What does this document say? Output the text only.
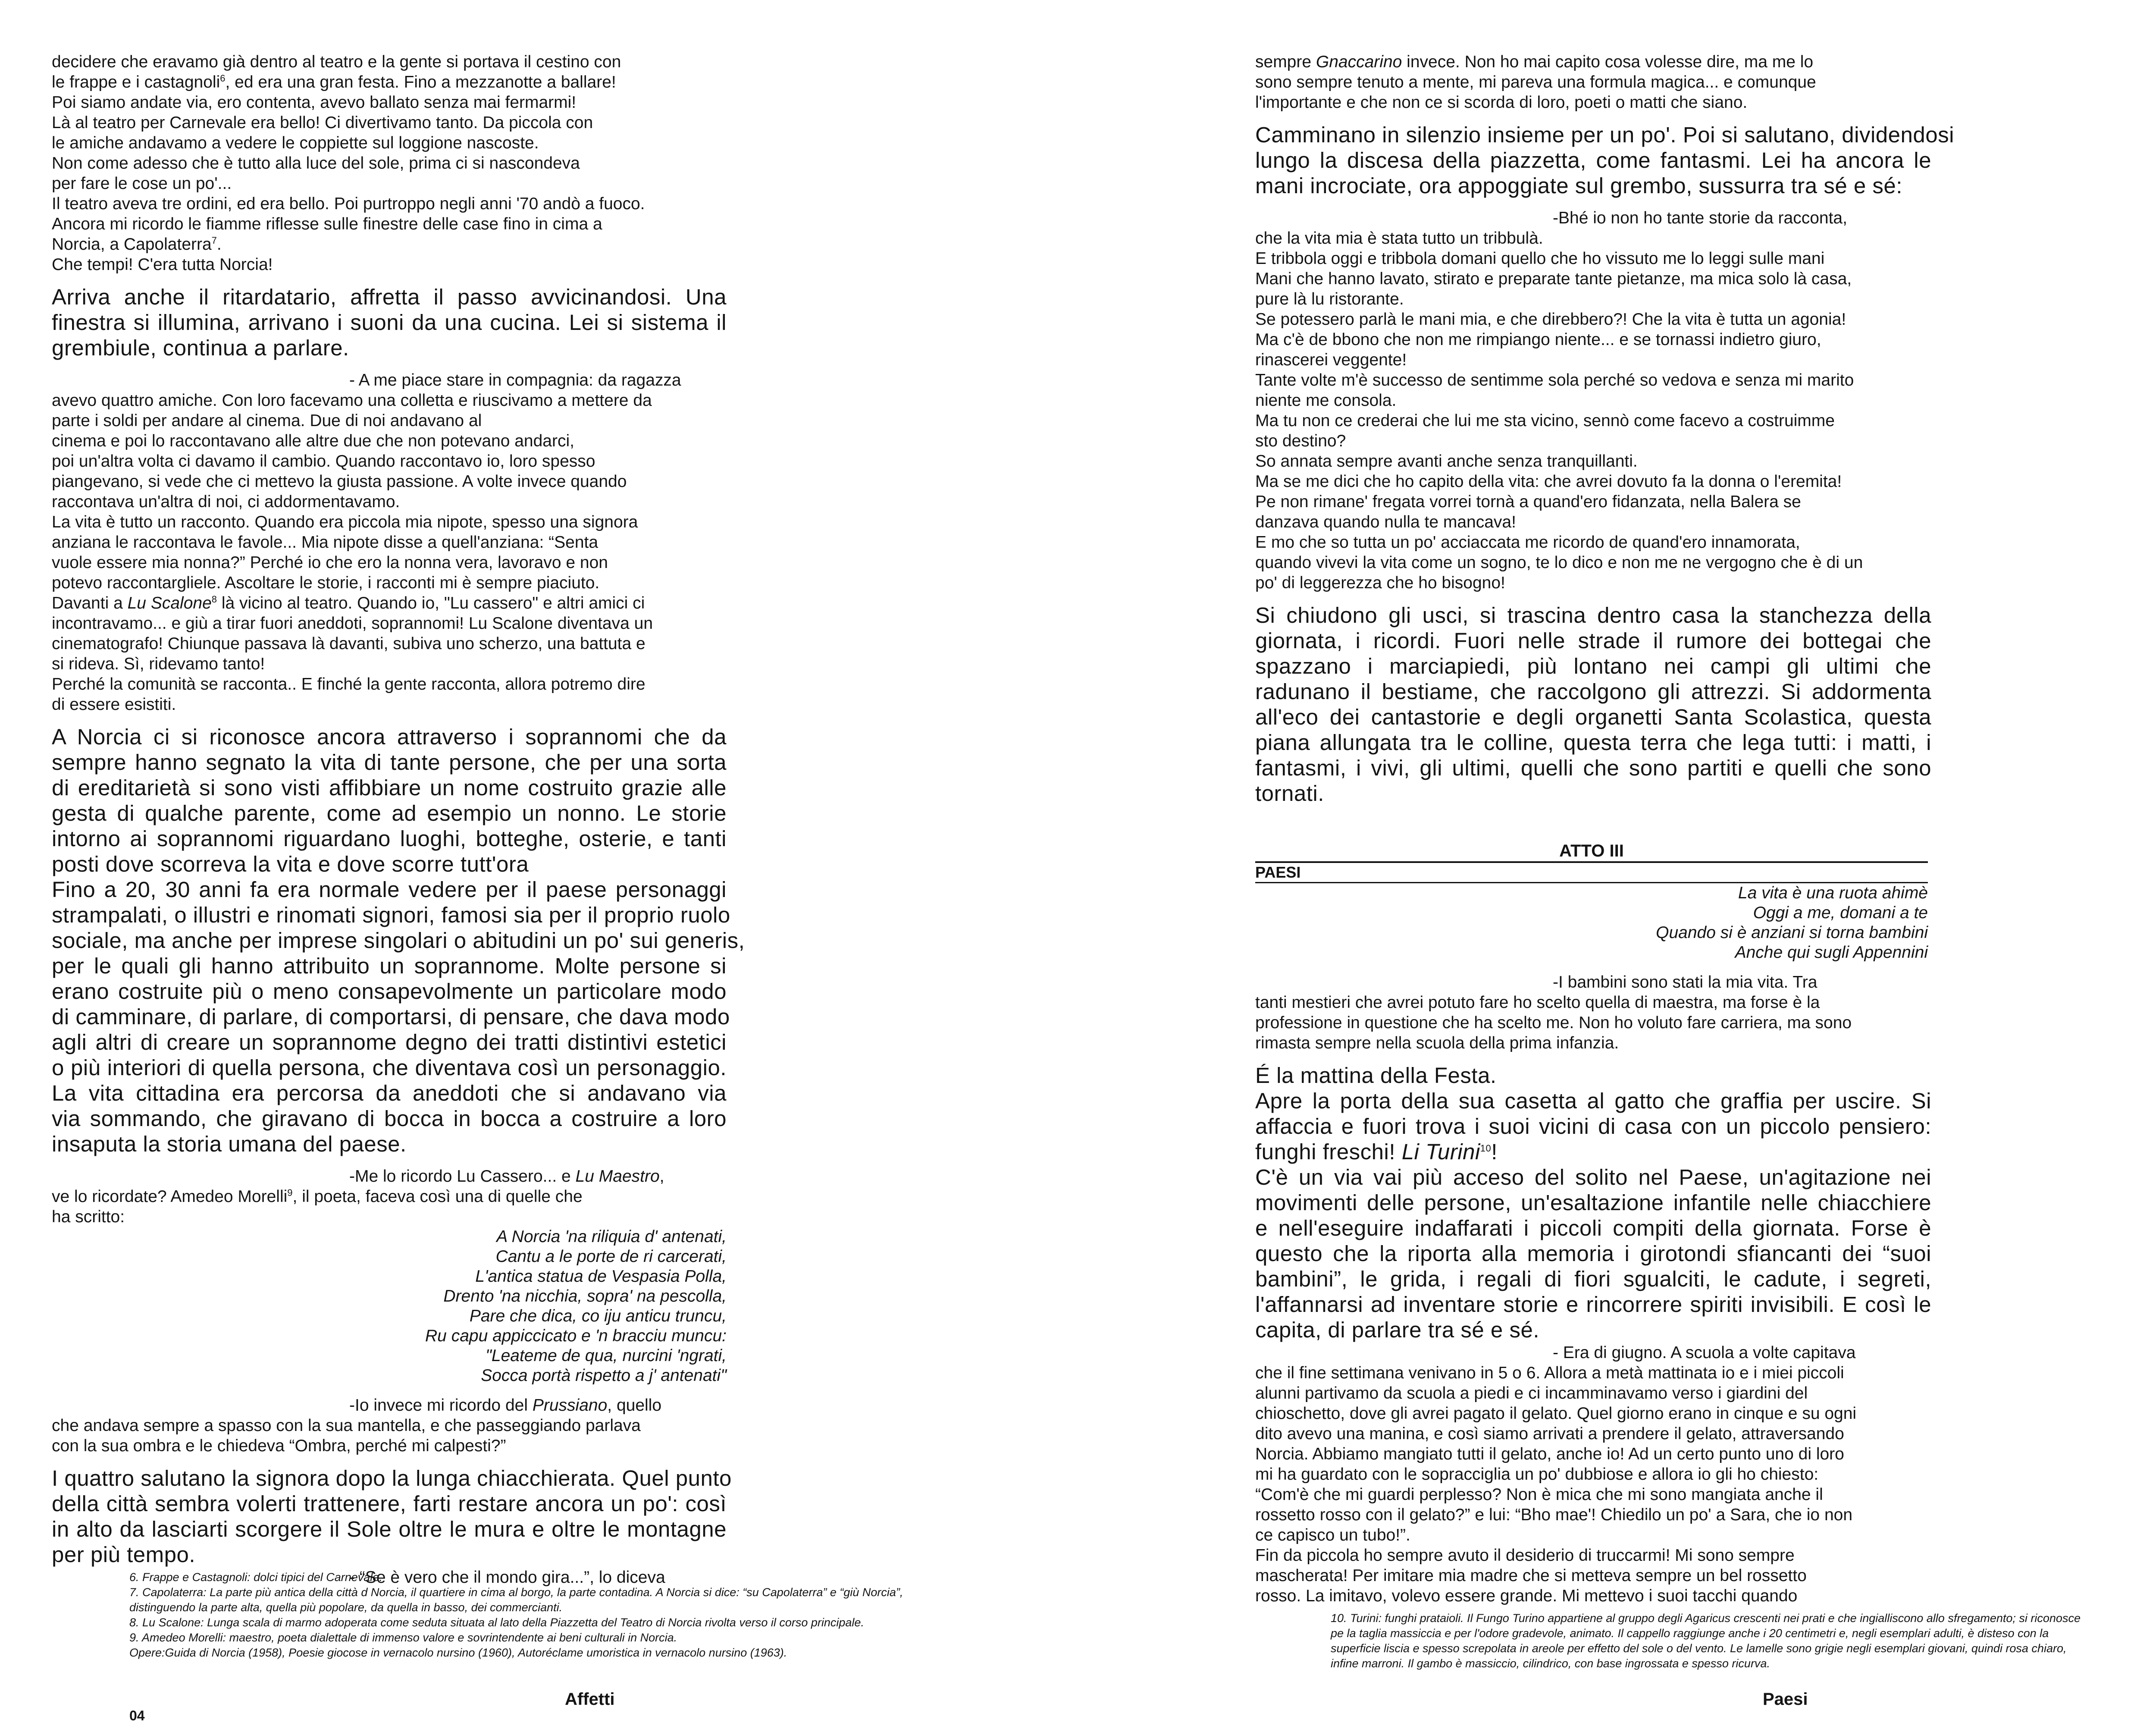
decidere che eravamo già dentro al teatro e la gente si portava il cestino con
le frappe e i castagnoli$^6$, ed era una gran festa. Fino a mezzanotte a ballare!
Poi siamo andate via, ero contenta, avevo ballato senza mai fermarmi!
Là al teatro per Carnevale era bello! Ci divertivamo tanto. Da piccola con
le amiche andavamo a vedere le coppiette sul loggione nascoste.
Non come adesso che è tutto alla luce del sole, prima ci si nascondeva
per fare le cose un po'...
Il teatro aveva tre ordini, ed era bello. Poi purtroppo negli anni '70 andò a fuoco.
Ancora mi ricordo le fiamme riflesse sulle finestre delle case fino in cima a
Norcia, a Capolaterra$^7$.
Che tempi! C'era tutta Norcia!
Arriva anche il ritardatario, affretta il passo avvicinandosi. Una
finestra si illumina, arrivano i suoni da una cucina. Lei si sistema il
grembiule, continua a parlare.
- A me piace stare in compagnia: da ragazza
avevo quattro amiche. Con loro facevamo una colletta e riuscivamo a mettere da
parte i soldi per andare al cinema. Due di noi andavano al
cinema e poi lo raccontavano alle altre due che non potevano andarci,
poi un'altra volta ci davamo il cambio. Quando raccontavo io, loro spesso
piangevano, si vede che ci mettevo la giusta passione. A volte invece quando
raccontava un'altra di noi, ci addormentavamo.
La vita è tutto un racconto. Quando era piccola mia nipote, spesso una signora
anziana le raccontava le favole... Mia nipote disse a quell'anziana: “Senta
vuole essere mia nonna?” Perché io che ero la nonna vera, lavoravo e non
potevo raccontargliele. Ascoltare le storie, i racconti mi è sempre piaciuto.
Davanti a Lu Scalone$^8$ là vicino al teatro. Quando io, "Lu cassero" e altri amici ci
incontravamo... e giù a tirar fuori aneddoti, soprannomi! Lu Scalone diventava un
cinematografo! Chiunque passava là davanti, subiva uno scherzo, una battuta e
si rideva. Sì, ridevamo tanto!
Perché la comunità se racconta.. E finché la gente racconta, allora potremo dire
di essere esistiti.
A Norcia ci si riconosce ancora attraverso i soprannomi che da
sempre hanno segnato la vita di tante persone, che per una sorta
di ereditarietà si sono visti affibbiare un nome costruito grazie alle
gesta di qualche parente, come ad esempio un nonno. Le storie
intorno ai soprannomi riguardano luoghi, botteghe, osterie, e tanti
posti dove scorreva la vita e dove scorre tutt'ora
Fino a 20, 30 anni fa era normale vedere per il paese personaggi
strampalati, o illustri e rinomati signori, famosi sia per il proprio ruolo
sociale, ma anche per imprese singolari o abitudini un po' sui generis,
per le quali gli hanno attribuito un soprannome. Molte persone si
erano costruite più o meno consapevolmente un particolare modo
di camminare, di parlare, di comportarsi, di pensare, che dava modo
agli altri di creare un soprannome degno dei tratti distintivi estetici
o più interiori di quella persona, che diventava così un personaggio.
La vita cittadina era percorsa da aneddoti che si andavano via
via sommando, che giravano di bocca in bocca a costruire a loro
insaputa la storia umana del paese.
-Me lo ricordo Lu Cassero... e Lu Maestro,
ve lo ricordate? Amedeo Morelli$^9$, il poeta, faceva così una di quelle che
ha scritto:
A Norcia 'na riliquia d' antenati,
Cantu a le porte de ri carcerati,
L'antica statua de Vespasia Polla,
Drento 'na nicchia, sopra' na pescolla,
Pare che dica, co iju anticu truncu,
Ru capu appiccicato e 'n bracciu muncu:
"Leateme de qua, nurcini 'ngrati,
Socca portà rispetto a j' antenati"
-Io invece mi ricordo del Prussiano, quello
che andava sempre a spasso con la sua mantella, e che passeggiando parlava
con la sua ombra e le chiedeva “Ombra, perché mi calpesti?”
I quattro salutano la signora dopo la lunga chiacchierata. Quel punto
della città sembra volerti trattenere, farti restare ancora un po': così
in alto da lasciarti scorgere il Sole oltre le mura e oltre le montagne
per più tempo.
- “Se è vero che il mondo gira...”, lo diceva
6. Frappe e Castagnoli: dolci tipici del Carnevale.
7. Capolaterra: La parte più antica della città d Norcia, il quartiere in cima al borgo, la parte contadina. A Norcia si dice: “su Capolaterra” e “giù Norcia”,
distinguendo la parte alta, quella più popolare, da quella in basso, dei commercianti.
8. Lu Scalone: Lunga scala di marmo adoperata come seduta situata al lato della Piazzetta del Teatro di Norcia rivolta verso il corso principale.
9. Amedeo Morelli: maestro, poeta dialettale di immenso valore e sovrintendente ai beni culturali in Norcia.
Opere:Guida di Norcia (1958), Poesie giocose in vernacolo nursino (1960), Autoréclame umoristica in vernacolo nursino (1963).
Affetti
04
sempre Gnaccarino invece. Non ho mai capito cosa volesse dire, ma me lo
sono sempre tenuto a mente, mi pareva una formula magica... e comunque
l'importante e che non ce si scorda di loro, poeti o matti che siano.
Camminano in silenzio insieme per un po'. Poi si salutano, dividendosi
lungo la discesa della piazzetta, come fantasmi. Lei ha ancora le
mani incrociate, ora appoggiate sul grembo, sussurra tra sé e sé:
-Bhé io non ho tante storie da racconta,
che la vita mia è stata tutto un tribbulà.
E tribbola oggi e tribbola domani quello che ho vissuto me lo leggi sulle mani
Mani che hanno lavato, stirato e preparate tante pietanze, ma mica solo là casa,
pure là lu ristorante.
Se potessero parlà le mani mia, e che direbbero?! Che la vita è tutta un agonia!
Ma c'è de bbono che non me rimpiango niente... e se tornassi indietro giuro,
rinascerei veggente!
Tante volte m'è successo de sentimme sola perché so vedova e senza mi marito
niente me consola.
Ma tu non ce crederai che lui me sta vicino, sennò come facevo a costruimme
sto destino?
So annata sempre avanti anche senza tranquillanti.
Ma se me dici che ho capito della vita: che avrei dovuto fa la donna o l'eremita!
Pe non rimane' fregata vorrei tornà a quand'ero fidanzata, nella Balera se
danzava quando nulla te mancava!
E mo che so tutta un po' acciaccata me ricordo de quand'ero innamorata,
quando vivevi la vita come un sogno, te lo dico e non me ne vergogno che è di un
po' di leggerezza che ho bisogno!
Si chiudono gli usci, si trascina dentro casa la stanchezza della
giornata, i ricordi. Fuori nelle strade il rumore dei bottegai che
spazzano i marciapiedi, più lontano nei campi gli ultimi che
radunano il bestiame, che raccolgono gli attrezzi. Si addormenta
all'eco dei cantastorie e degli organetti Santa Scolastica, questa
piana allungata tra le colline, questa terra che lega tutti: i matti, i
fantasmi, i vivi, gli ultimi, quelli che sono partiti e quelli che sono
tornati.
ATTO III
PAESI
La vita è una ruota ahimè
Oggi a me, domani a te
Quando si è anziani si torna bambini
Anche qui sugli Appennini
-I bambini sono stati la mia vita. Tra
tanti mestieri che avrei potuto fare ho scelto quella di maestra, ma forse è la
professione in questione che ha scelto me. Non ho voluto fare carriera, ma sono
rimasta sempre nella scuola della prima infanzia.
É la mattina della Festa.
Apre la porta della sua casetta al gatto che graffia per uscire. Si
affaccia e fuori trova i suoi vicini di casa con un piccolo pensiero:
funghi freschi! Li Turini$^{10}$!
C'è un via vai più acceso del solito nel Paese, un'agitazione nei
movimenti delle persone, un'esaltazione infantile nelle chiacchiere
e nell'eseguire indaffarati i piccoli compiti della giornata. Forse è
questo che la riporta alla memoria i girotondi sfiancanti dei “suoi
bambini”, le grida, i regali di fiori sgualciti, le cadute, i segreti,
l'affannarsi ad inventare storie e rincorrere spiriti invisibili. E così le
capita, di parlare tra sé e sé.
- Era di giugno. A scuola a volte capitava
che il fine settimana venivano in 5 o 6. Allora a metà mattinata io e i miei piccoli
alunni partivamo da scuola a piedi e ci incamminavamo verso i giardini del
chioschetto, dove gli avrei pagato il gelato. Quel giorno erano in cinque e su ogni
dito avevo una manina, e così siamo arrivati a prendere il gelato, attraversando
Norcia. Abbiamo mangiato tutti il gelato, anche io! Ad un certo punto uno di loro
mi ha guardato con le sopracciglia un po' dubbiose e allora io gli ho chiesto:
“Com'è che mi guardi perplesso? Non è mica che mi sono mangiata anche il
rossetto rosso con il gelato?” e lui: “Bho mae'! Chiedilo un po' a Sara, che io non
ce capisco un tubo!”.
Fin da piccola ho sempre avuto il desiderio di truccarmi! Mi sono sempre
mascherata! Per imitare mia madre che si metteva sempre un bel rossetto
rosso. La imitavo, volevo essere grande. Mi mettevo i suoi tacchi quando
10. Turini: funghi prataioli. Il Fungo Turino appartiene al gruppo degli Agaricus crescenti nei prati e che ingialliscono allo sfregamento; si riconosce
pe la taglia massiccia e per l'odore gradevole, animato. Il cappello raggiunge anche i 20 centimetri e, negli esemplari adulti, è disteso con la
superficie liscia e spesso screpolata in areole per effetto del sole o del vento. Le lamelle sono grigie negli esemplari giovani, quindi rosa chiaro,
infine marroni. Il gambo è massiccio, cilindrico, con base ingrossata e spesso ricurva.
Paesi
